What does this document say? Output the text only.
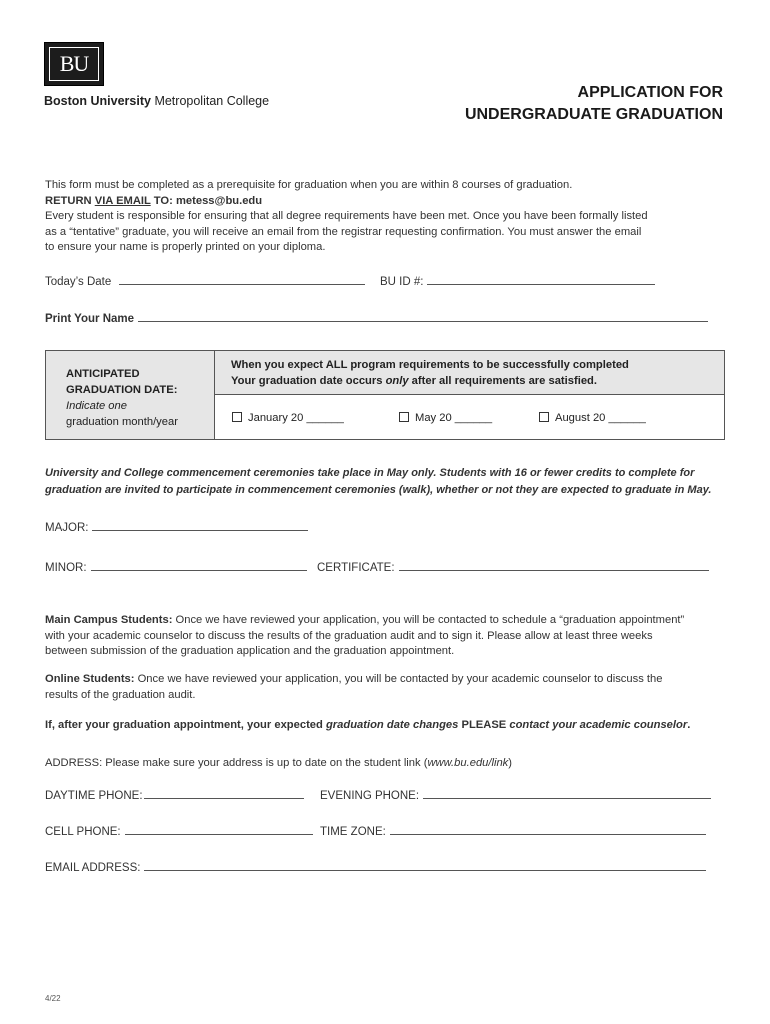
BU
Boston University Metropolitan College	APPLICATION FOR
UNDERGRADUATE GRADUATION
This form must be completed as a prerequisite for graduation when you are within 8 courses of graduation.
RETURN VIA EMAIL TO: metess@bu.edu
Every student is responsible for ensuring that all degree requirements have been met. Once you have been formally listed
as a “tentative” graduate, you will receive an email from the registrar requesting confirmation. You must answer the email
to ensure your name is properly printed on your diploma.
Today’s Date	BU ID #:
Print Your Name
ANTICIPATED
GRADUATION DATE:
Indicate one
graduation month/year
When you expect ALL program requirements to be successfully completed
Your graduation date occurs only after all requirements are satisfied.
January 20 ______	May 20 ______	August 20 ______
University and College commencement ceremonies take place in May only. Students with 16 or fewer credits to complete for
graduation are invited to participate in commencement ceremonies (walk), whether or not they are expected to graduate in May.
MAJOR:
MINOR:	CERTIFICATE:
Main Campus Students: Once we have reviewed your application, you will be contacted to schedule a “graduation appointment”
with your academic counselor to discuss the results of the graduation audit and to sign it. Please allow at least three weeks
between submission of the graduation application and the graduation appointment.
Online Students: Once we have reviewed your application, you will be contacted by your academic counselor to discuss the
results of the graduation audit.
If, after your graduation appointment, your expected graduation date changes PLEASE contact your academic counselor.
ADDRESS: Please make sure your address is up to date on the student link (www.bu.edu/link)
DAYTIME PHONE:	EVENING PHONE:
CELL PHONE:	TIME ZONE:
EMAIL ADDRESS:
4/22
